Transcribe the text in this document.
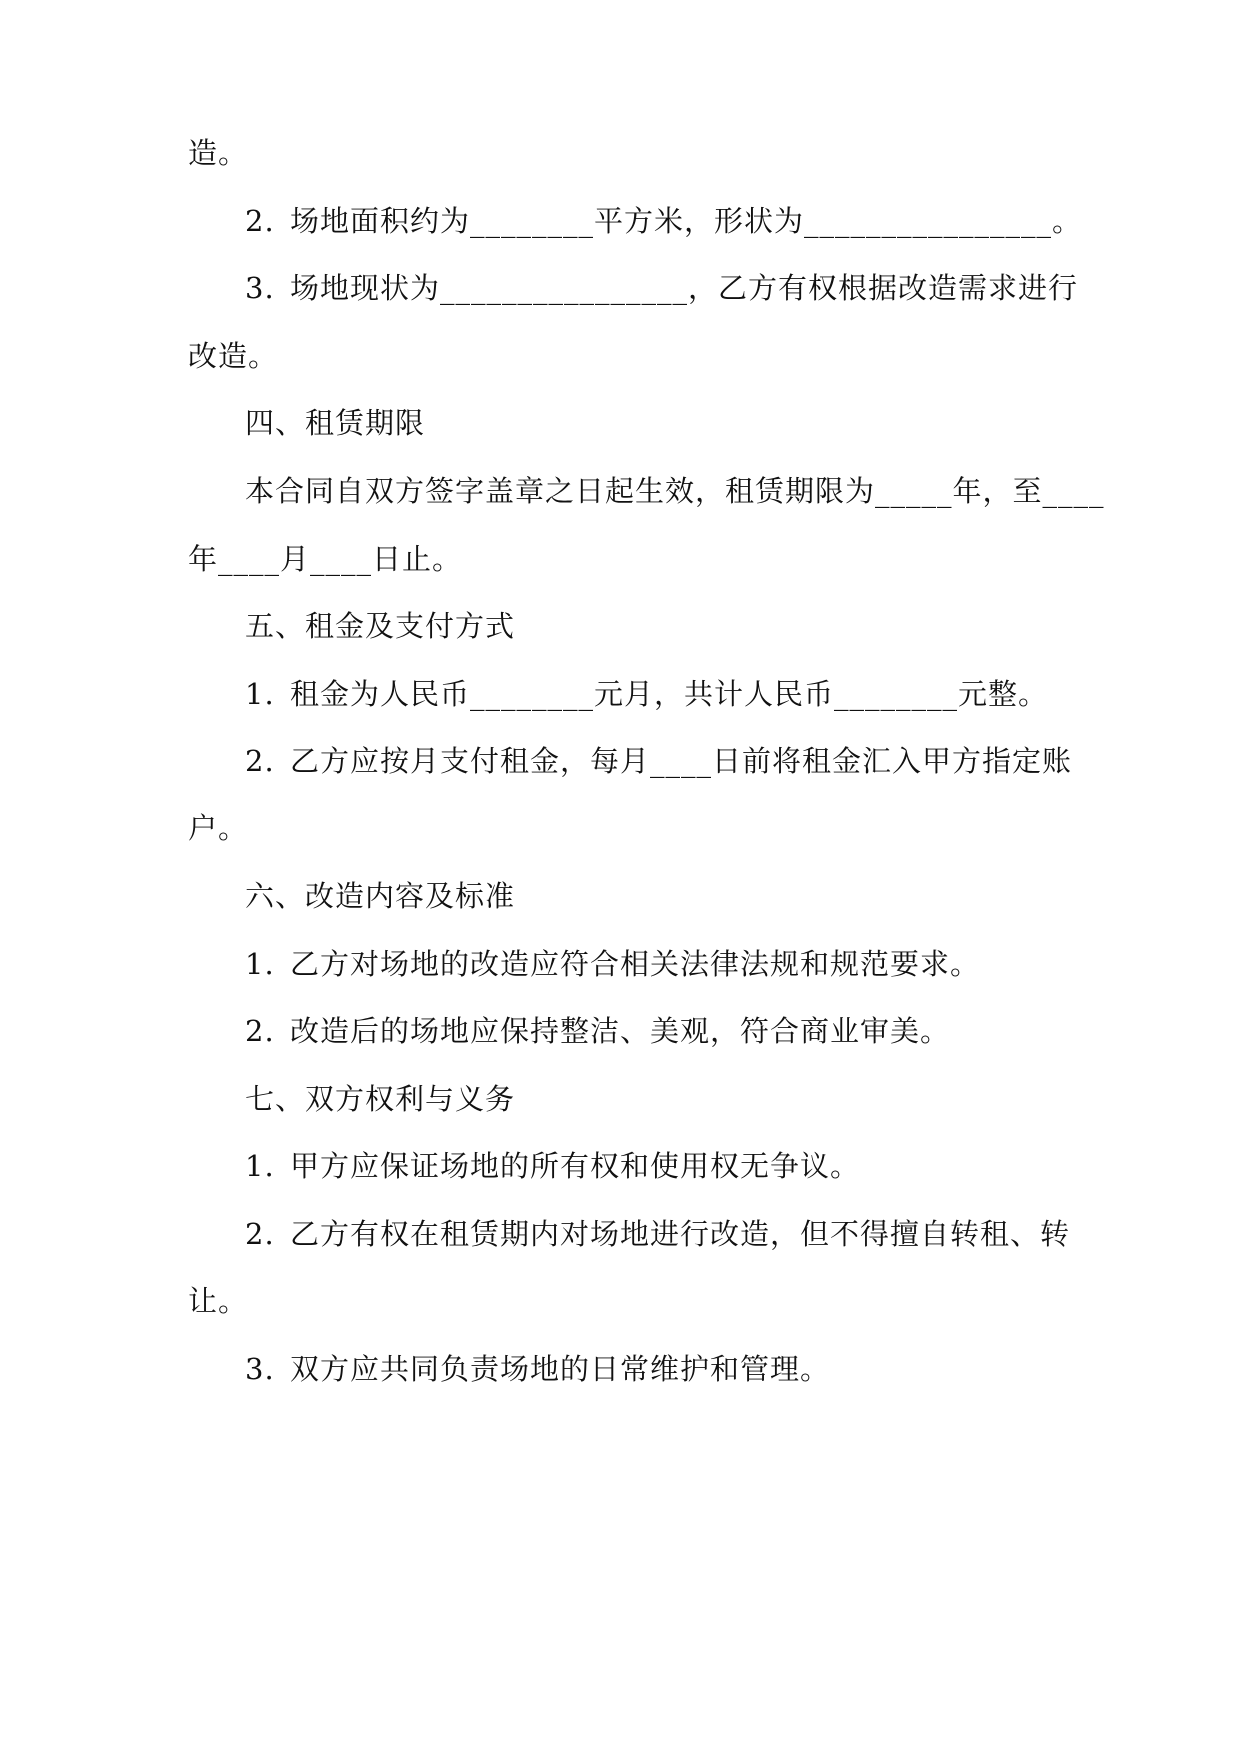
造。
2. 场地面积约为________平方米，形状为________________。
3. 场地现状为________________，乙方有权根据改造需求进行
改造。
四、租赁期限
本合同自双方签字盖章之日起生效，租赁期限为_____年，至____
年____月____日止。
五、租金及支付方式
1. 租金为人民币________元月，共计人民币________元整。
2. 乙方应按月支付租金，每月____日前将租金汇入甲方指定账
户。
六、改造内容及标准
1. 乙方对场地的改造应符合相关法律法规和规范要求。
2. 改造后的场地应保持整洁、美观，符合商业审美。
七、双方权利与义务
1. 甲方应保证场地的所有权和使用权无争议。
2. 乙方有权在租赁期内对场地进行改造，但不得擅自转租、转
让。
3. 双方应共同负责场地的日常维护和管理。
